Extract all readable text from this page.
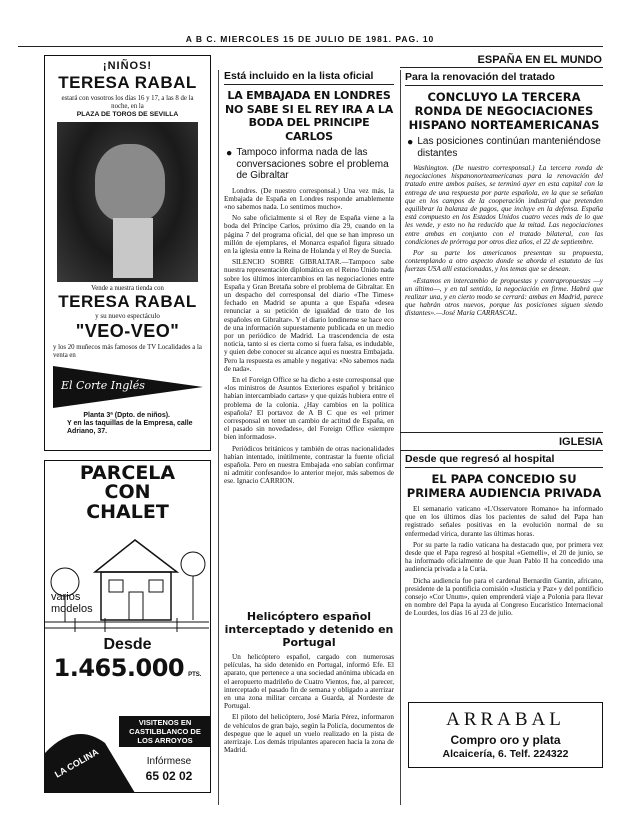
A B C. MIERCOLES 15 DE JULIO DE 1981. PAG. 10
ESPAÑA EN EL MUNDO
¡NIÑOS!
TERESA RABAL
estará con vosotros los días 16 y 17, a las 8 de la noche, en la
PLAZA DE TOROS DE SEVILLA
Vende a nuestra tienda con
TERESA RABAL
y su nuevo espectáculo
"VEO-VEO"
y los 20 muñecos más famosos de TV Localidades a la venta en
El Corte Inglés
Planta 3ª (Dpto. de niños).
Y en las taquillas de la Empresa, calle Adriano, 37.
PARCELA
CON
CHALET
varios
modelos
Desde
1.465.000 PTS.
VISITENOS EN
CASTILBLANCO DE
LOS ARROYOS
MUCHAS FACILIDADES DE PAGO
LA COLINA	Infórmese
65 02 02
Está incluido en la lista oficial
LA EMBAJADA EN LONDRES NO SABE SI EL REY IRA A LA BODA DEL PRINCIPE CARLOS
● Tampoco informa nada de las conversaciones sobre el problema de Gibraltar

Londres. (De nuestro corresponsal.) Una vez más, la Embajada de España en Londres responde amablemente «no sabemos nada. Lo sentimos mucho».

No sabe oficialmente si el Rey de España viene a la boda del Príncipe Carlos, próximo día 29, cuando en la página 7 del programa oficial, del que se han impreso un millón de ejemplares, el Monarca español figura situado en la iglesia entre la Reina de Holanda y el Rey de Suecia.

SILENCIO SOBRE GIBRALTAR.—Tampoco sabe nuestra representación diplomática en el Reino Unido nada sobre los últimos intercambios en las negociaciones entre España y Gran Bretaña sobre el problema de Gibraltar. En un despacho del corresponsal del diario «The Times» fechado en Madrid se apunta a que España «desea renunciar a su petición de igualdad de trato de los españoles en Gibraltar». Y el diario londinense se hace eco de una información supuestamente publicada en un medio por un periódico de Madrid. La trascendencia de esta noticia, tanto si es cierta como si fuera falsa, es indudable, y quien debe conocer su alcance aquí es nuestra Embajada. Pero la respuesta es amable y negativa: «No sabemos nada de nada».

En el Foreign Office se ha dicho a este corresponsal que «los ministros de Asuntos Exteriores español y británico habían intercambiado cartas» y que quizás hubiera entre el problema de la colonia. ¿Hay cambios en la política española? El portavoz de A B C que es «el primer corresponsal en tener un cambio de actitud de España, en el pasado sin novedades», del Foreign Office «siempre bien informados».

Periódicos británicos y también de otras nacionalidades habían intentado, inútilmente, contrastar la fuente oficial española. Pero en nuestra Embajada «no sabían confirmar ni admitir confesando» lo anterior mejor, más sabemos de ese. Ignacio CARRION.

Helicóptero español interceptado y detenido en Portugal

Un helicóptero español, cargado con numerosas películas, ha sido detenido en Portugal, informó Efe. El aparato, que pertenece a una sociedad anónima ubicada en el aeropuerto madrileño de Cuatro Vientos, fue, al parecer, interceptado el pasado fin de semana y obligado a aterrizar en una zona militar cercana a Guarda, al Nordeste de Portugal.

El piloto del helicóptero, José María Pérez, informaron de vehículos de gran bajo, según la Policía, documentos de despegue que le aquel un vuelo realizado en la pista de aterrizaje. Los demás tripulantes aparecen hacia la zona de Madrid.

Para la renovación del tratado
CONCLUYO LA TERCERA RONDA DE NEGOCIACIONES HISPANO NORTEAMERICANAS
● Las posiciones continúan manteniéndose distantes

Washington. (De nuestro corresponsal.) La tercera ronda de negociaciones hispanonorteamericanas para la renovación del tratado entre ambos países, se terminó ayer en esta capital con la entrega de una respuesta por parte española, en la que se señalan que en los campos de la cooperación industrial que pretenden equilibrar la balanza de pagos, que incluye en la defensa. España está compuesto en los Estados Unidos cuatro veces más de lo que les vende, y esto no ha reducido que la mitad. Las negociaciones entre ambas en conjunto con el tratado bilateral, con las condiciones de prórroga por otros diez años, el 22 de septiembre.

Por su parte los americanos presentan su propuesta, contemplando a otro aspecto donde se aborda el estatuto de las fuerzas USA allí estacionadas, y los temas que se desean.

«Estamos en intercambio de propuestas y contrapropuestas —y un último—, y en tal sentido, la negociación en firme. Habrá que realizar una, y en cierto modo se cerrará: ambas en Madrid, parece que habrán otros nuevos, porque las posiciones siguen siendo distantes».—José María CARRASCAL.

IGLESIA
Desde que regresó al hospital
EL PAPA CONCEDIO SU PRIMERA AUDIENCIA PRIVADA

El semanario vaticano «L'Osservatore Romano» ha informado que en los últimos días los pacientes de salud del Papa han registrado señales positivas en la evolución normal de su enfermedad vírica, durante las últimas horas.

Por su parte la radio vaticana ha destacado que, por primera vez desde que el Papa regresó al hospital «Gemelli», el 20 de junio, se ha informado oficialmente de que Juan Pablo II ha concedido una audiencia privada a la Curia.

Dicha audiencia fue para el cardenal Bernardin Gantin, africano, presidente de la pontificia comisión «Justicia y Paz» y del pontificio consejo «Cor Unum», quien emprenderá viaje a Polonia para llevar en nombre del Papa la ayuda al Congreso Eucarístico Internacional de Lourdes, los días 16 al 23 de julio.

ARRABAL
Compro oro y plata
Alcaicería, 6. Telf. 224322
